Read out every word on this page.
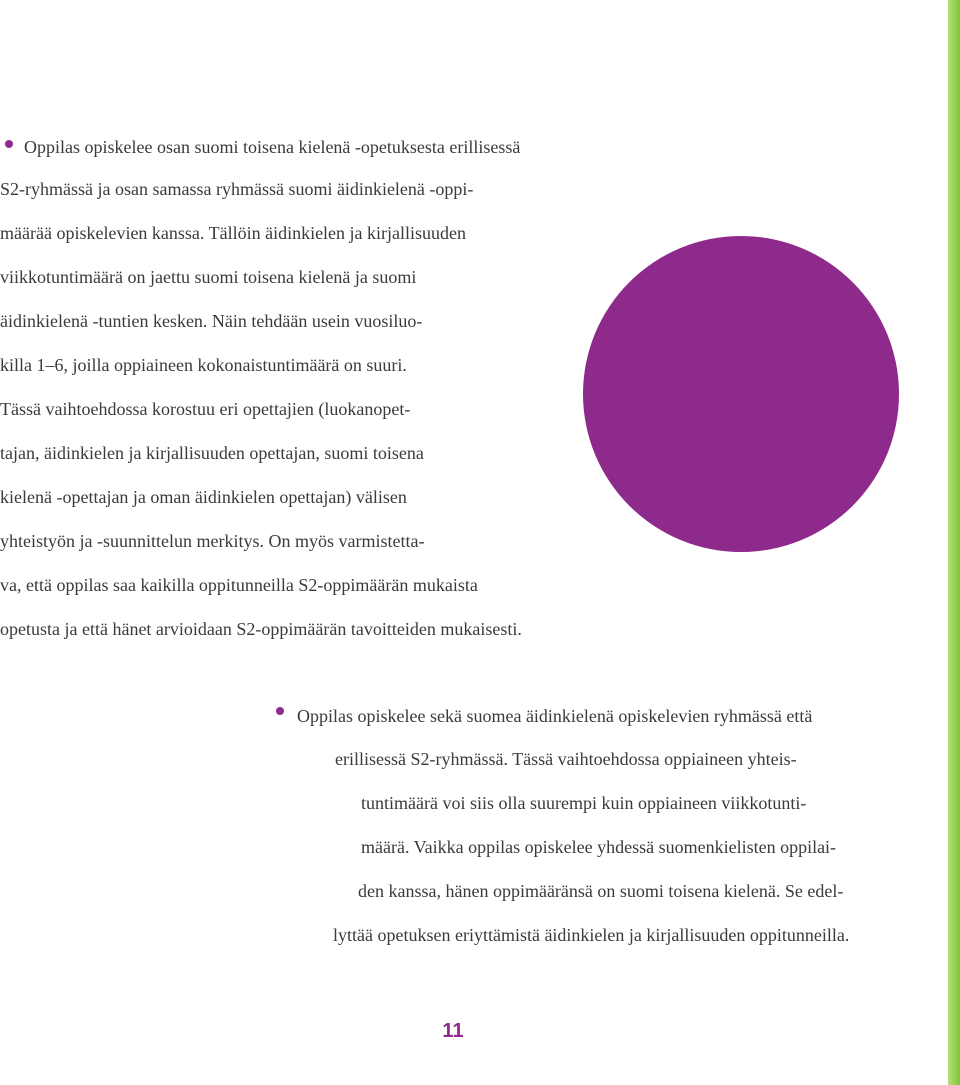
Oppilas opiskelee osan suomi toisena kielenä -opetuksesta erillisessä
S2-ryhmässä ja osan samassa ryhmässä suomi äidinkielenä -oppi-
määrää opiskelevien kanssa. Tällöin äidinkielen ja kirjallisuuden
viikkotuntimäärä on jaettu suomi toisena kielenä ja suomi
äidinkielenä -tuntien kesken. Näin tehdään usein vuosiluo-
killa 1–6, joilla oppiaineen kokonaistuntimäärä on suuri.
Tässä vaihtoehdossa korostuu eri opettajien (luokanopet-
tajan, äidinkielen ja kirjallisuuden opettajan, suomi toisena
kielenä -opettajan ja oman äidinkielen opettajan) välisen
yhteistyön ja -suunnittelun merkitys. On myös varmistetta-
va, että oppilas saa kaikilla oppitunneilla S2-oppimäärän mukaista
opetusta ja että hänet arvioidaan S2-oppimäärän tavoitteiden mukaisesti.
Oppilas opiskelee sekä suomea äidinkielenä opiskelevien ryhmässä että
erillisessä S2-ryhmässä. Tässä vaihtoehdossa oppiaineen yhteis-
tuntimäärä voi siis olla suurempi kuin oppiaineen viikkotunti-
määrä. Vaikka oppilas opiskelee yhdessä suomenkielisten oppilai-
den kanssa, hänen oppimääränsä on suomi toisena kielenä. Se edel-
lyttää opetuksen eriyttämistä äidinkielen ja kirjallisuuden oppitunneilla.
11
